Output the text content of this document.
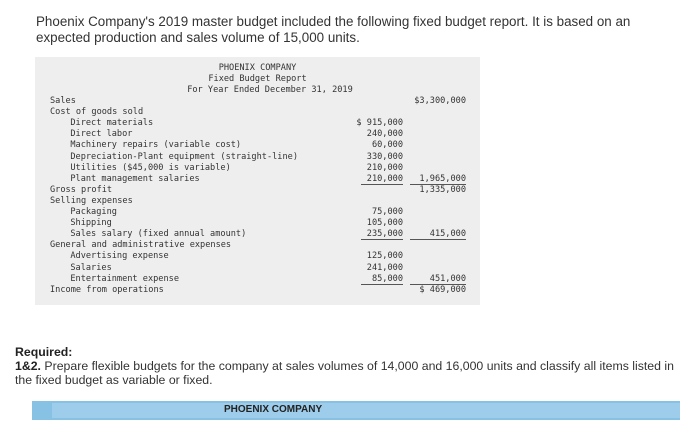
Phoenix Company's 2019 master budget included the following fixed budget report. It is based on an expected production and sales volume of 15,000 units.
PHOENIX COMPANY
Fixed Budget Report
For Year Ended December 31, 2019
Sales	$3,300,000
Cost of goods sold
Direct materials	$ 915,000
Direct labor	240,000
Machinery repairs (variable cost)	60,000
Depreciation-Plant equipment (straight-line)	330,000
Utilities ($45,000 is variable)	210,000
Plant management salaries	210,000	1,965,000
Gross profit	1,335,000
Selling expenses
Packaging	75,000
Shipping	105,000
Sales salary (fixed annual amount)	235,000	415,000
General and administrative expenses
Advertising expense	125,000
Salaries	241,000
Entertainment expense	85,000	451,000
Income from operations	$ 469,000
Required:
1&2. Prepare flexible budgets for the company at sales volumes of 14,000 and 16,000 units and classify all items listed in the fixed budget as variable or fixed.
PHOENIX COMPANY
